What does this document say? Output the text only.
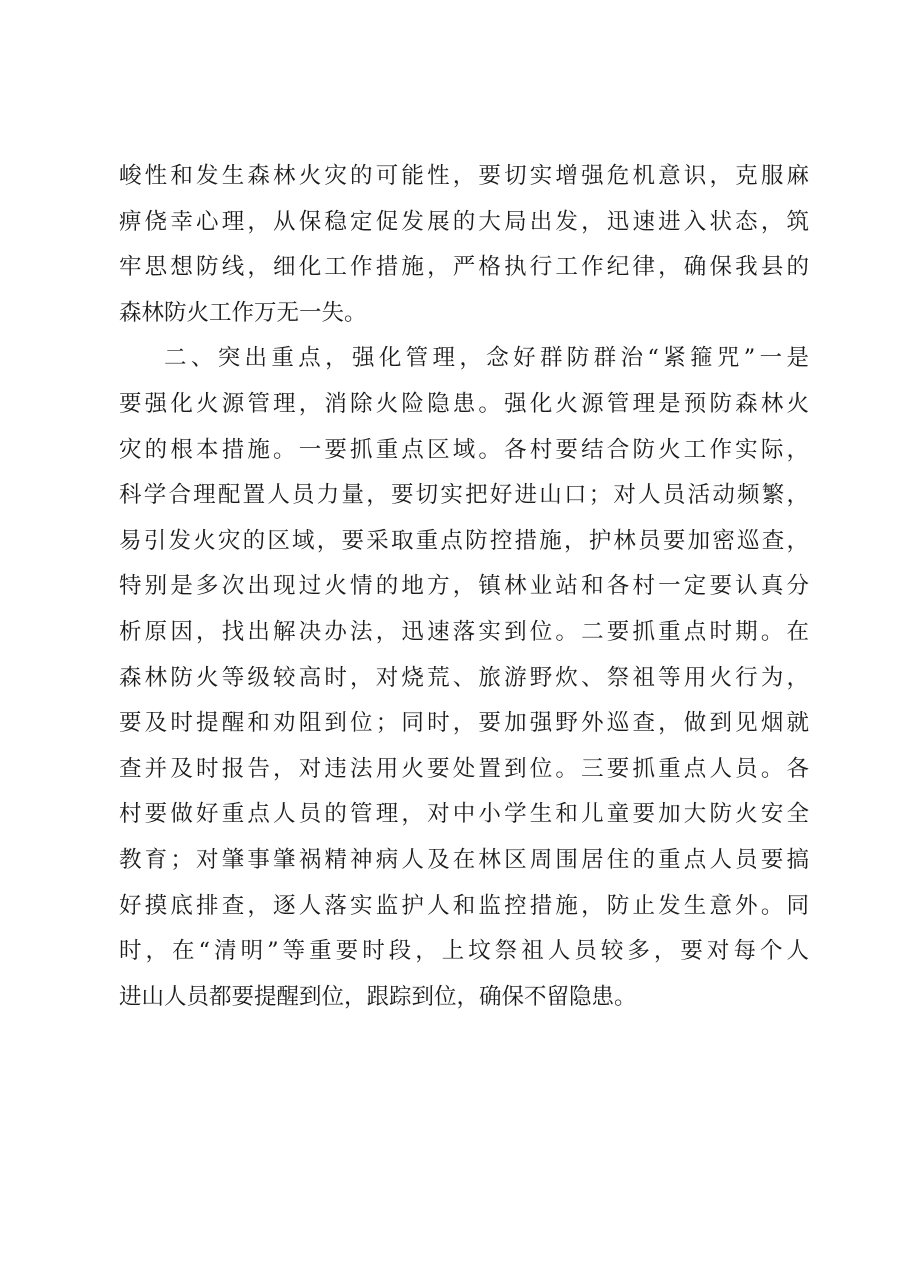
峻性和发生森林火灾的可能性，要切实增强危机意识，克服麻
痹侥幸心理，从保稳定促发展的大局出发，迅速进入状态，筑
牢思想防线，细化工作措施，严格执行工作纪律，确保我县的
森林防火工作万无一失。
二、突出重点，强化管理，念好群防群治“紧箍咒”一是
要强化火源管理，消除火险隐患。强化火源管理是预防森林火
灾的根本措施。一要抓重点区域。各村要结合防火工作实际，
科学合理配置人员力量，要切实把好进山口；对人员活动频繁，
易引发火灾的区域，要采取重点防控措施，护林员要加密巡查，
特别是多次出现过火情的地方，镇林业站和各村一定要认真分
析原因，找出解决办法，迅速落实到位。二要抓重点时期。在
森林防火等级较高时，对烧荒、旅游野炊、祭祖等用火行为，
要及时提醒和劝阻到位；同时，要加强野外巡查，做到见烟就
查并及时报告，对违法用火要处置到位。三要抓重点人员。各
村要做好重点人员的管理，对中小学生和儿童要加大防火安全
教育；对肇事肇祸精神病人及在林区周围居住的重点人员要搞
好摸底排查，逐人落实监护人和监控措施，防止发生意外。同
时，在“清明”等重要时段，上坟祭祖人员较多，要对每个人
进山人员都要提醒到位，跟踪到位，确保不留隐患。
